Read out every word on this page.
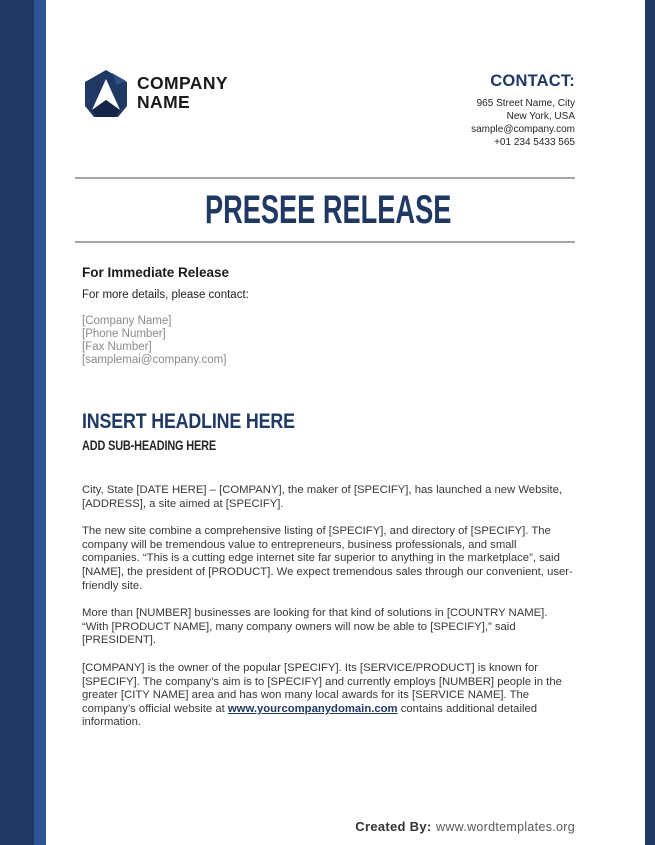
COMPANY
NAME
CONTACT:
965 Street Name, City
New York, USA
sample@company.com
+01 234 5433 565
PRESEE RELEASE
For Immediate Release
For more details, please contact:
[Company Name]
[Phone Number]
[Fax Number]
[samplemai@company.com]
INSERT HEADLINE HERE
ADD SUB-HEADING HERE

City, State [DATE HERE] – [COMPANY], the maker of [SPECIFY], has launched a new Website, [ADDRESS], a site aimed at [SPECIFY].

The new site combine a comprehensive listing of [SPECIFY], and directory of [SPECIFY]. The company will be tremendous value to entrepreneurs, business professionals, and small companies. “This is a cutting edge internet site far superior to anything in the marketplace”, said [NAME], the president of [PRODUCT]. We expect tremendous sales through our convenient, user-friendly site.

More than [NUMBER] businesses are looking for that kind of solutions in [COUNTRY NAME]. “With [PRODUCT NAME], many company owners will now be able to [SPECIFY],” said [PRESIDENT].

[COMPANY] is the owner of the popular [SPECIFY]. Its [SERVICE/PRODUCT] is known for [SPECIFY]. The company’s aim is to [SPECIFY] and currently employs [NUMBER] people in the greater [CITY NAME] area and has won many local awards for its [SERVICE NAME]. The company’s official website at www.yourcompanydomain.com contains additional detailed information.

Created By: www.wordtemplates.org
